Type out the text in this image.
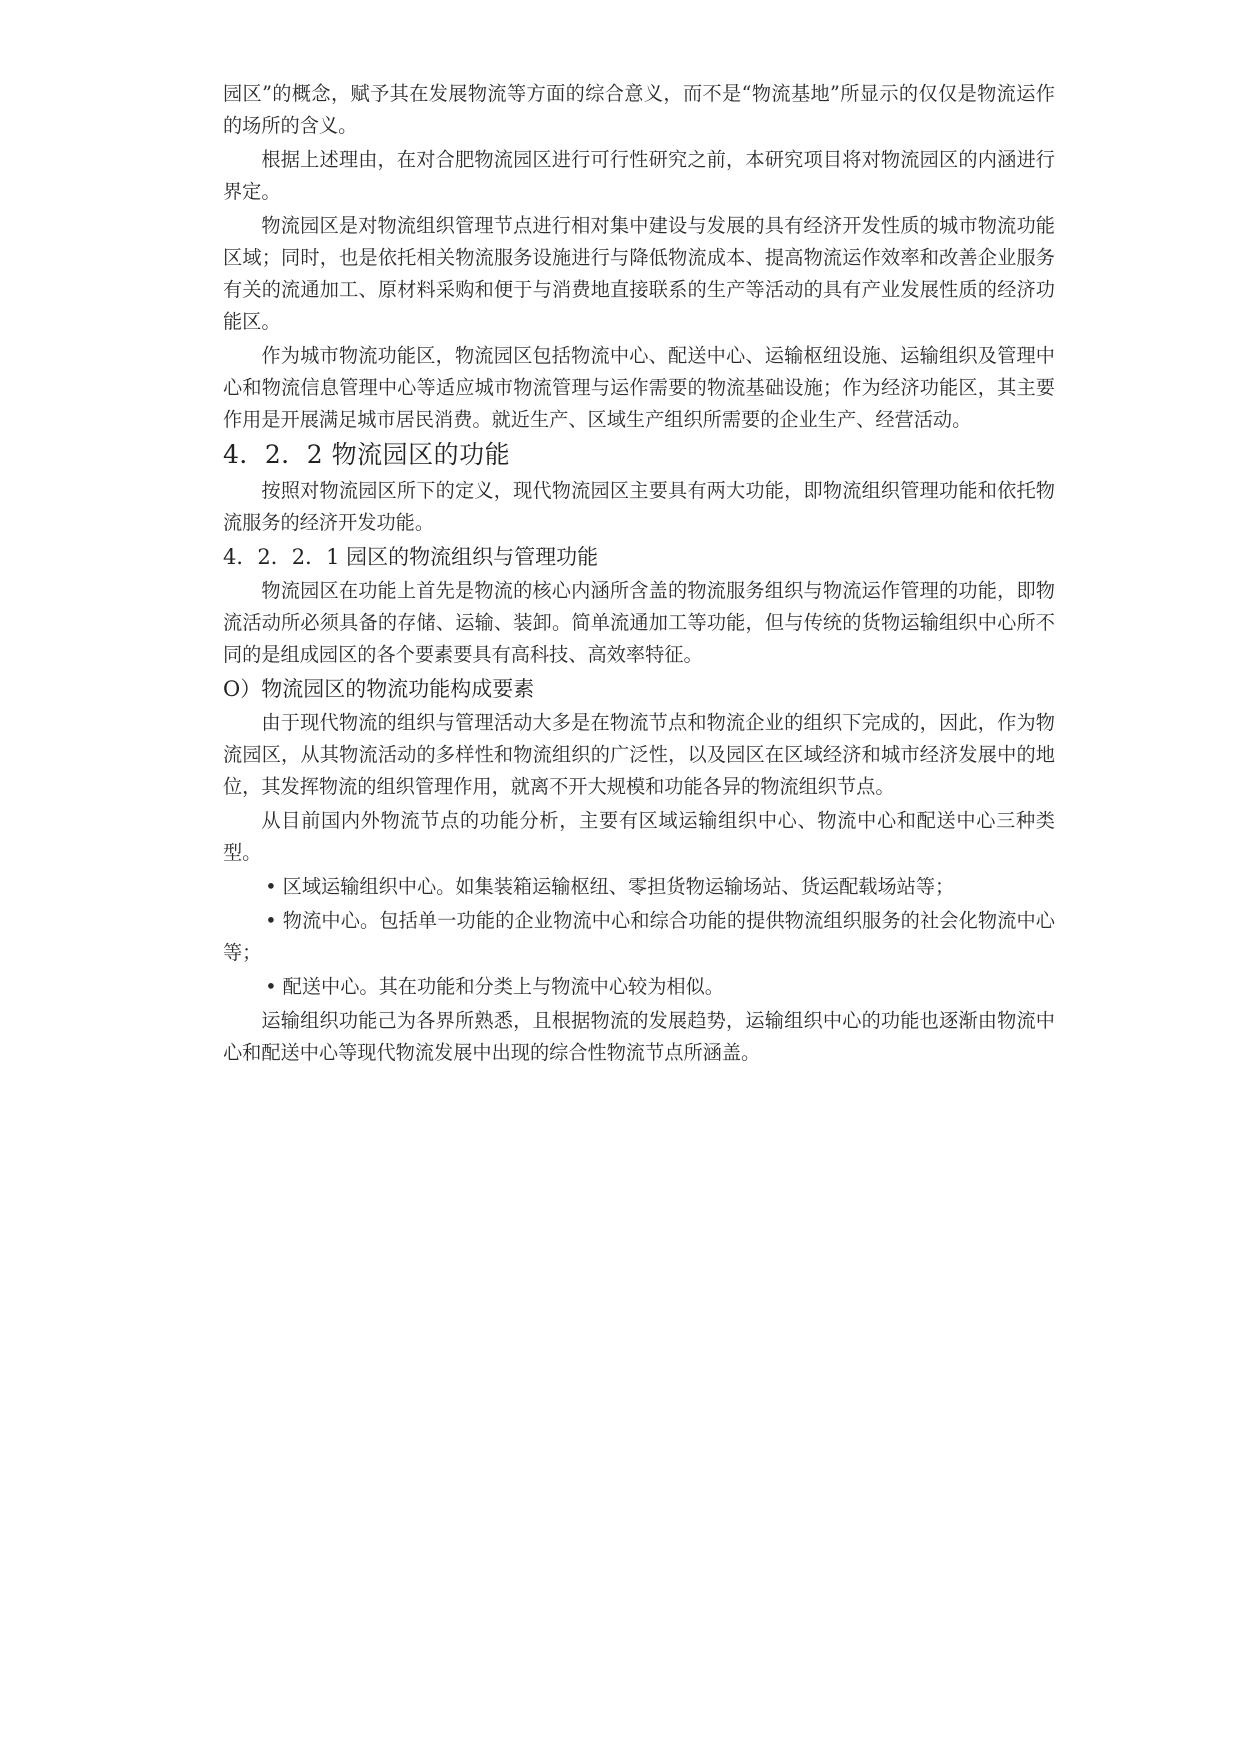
园区”的概念，赋予其在发展物流等方面的综合意义，而不是“物流基地”所显示的仅仅是物流运作的场所的含义。

根据上述理由，在对合肥物流园区进行可行性研究之前，本研究项目将对物流园区的内涵进行界定。

物流园区是对物流组织管理节点进行相对集中建设与发展的具有经济开发性质的城市物流功能区域；同时，也是依托相关物流服务设施进行与降低物流成本、提高物流运作效率和改善企业服务有关的流通加工、原材料采购和便于与消费地直接联系的生产等活动的具有产业发展性质的经济功能区。

作为城市物流功能区，物流园区包括物流中心、配送中心、运输枢纽设施、运输组织及管理中心和物流信息管理中心等适应城市物流管理与运作需要的物流基础设施；作为经济功能区，其主要作用是开展满足城市居民消费。就近生产、区域生产组织所需要的企业生产、经营活动。

4．2．2 物流园区的功能

按照对物流园区所下的定义，现代物流园区主要具有两大功能，即物流组织管理功能和依托物流服务的经济开发功能。

4．2．2．1 园区的物流组织与管理功能

物流园区在功能上首先是物流的核心内涵所含盖的物流服务组织与物流运作管理的功能，即物流活动所必须具备的存储、运输、装卸。简单流通加工等功能，但与传统的货物运输组织中心所不同的是组成园区的各个要素要具有高科技、高效率特征。

O）物流园区的物流功能构成要素

由于现代物流的组织与管理活动大多是在物流节点和物流企业的组织下完成的，因此，作为物流园区，从其物流活动的多样性和物流组织的广泛性，以及园区在区域经济和城市经济发展中的地位，其发挥物流的组织管理作用，就离不开大规模和功能各异的物流组织节点。

从目前国内外物流节点的功能分析，主要有区域运输组织中心、物流中心和配送中心三种类型。

• 区域运输组织中心。如集装箱运输枢纽、零担货物运输场站、货运配载场站等；

• 物流中心。包括单一功能的企业物流中心和综合功能的提供物流组织服务的社会化物流中心等；

• 配送中心。其在功能和分类上与物流中心较为相似。

运输组织功能己为各界所熟悉，且根据物流的发展趋势，运输组织中心的功能也逐渐由物流中心和配送中心等现代物流发展中出现的综合性物流节点所涵盖。
